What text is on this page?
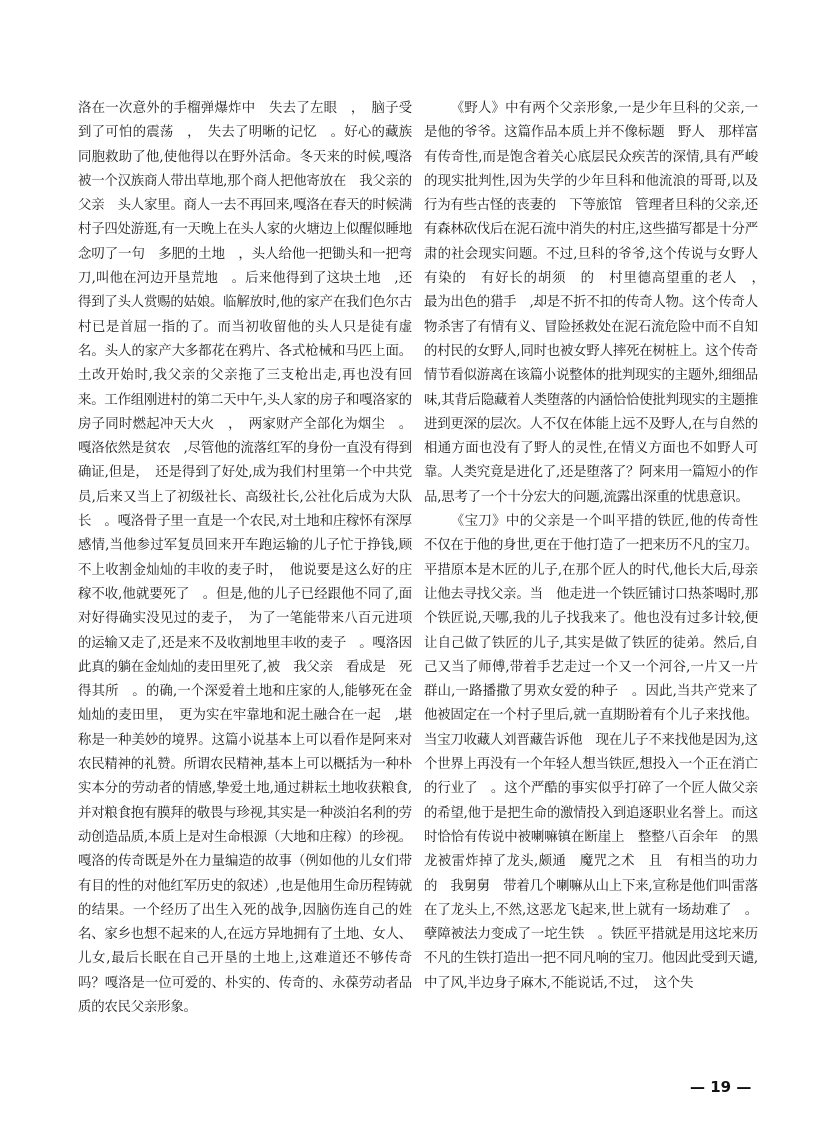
洛在一次意外的手榴弹爆炸中　失去了左眼　，　脑子受到了可怕的震荡　，　失去了明晰的记忆　。好心的藏族同胞救助了他,使他得以在野外活命。冬天来的时候,嘎洛被一个汉族商人带出草地,那个商人把他寄放在　我父亲的父亲　头人家里。商人一去不再回来,嘎洛在春天的时候满村子四处游逛,有一天晚上在头人家的火塘边上似醒似睡地念叨了一句　多肥的土地　，头人给他一把锄头和一把弯刀,叫他在河边开垦荒地　。后来他得到了这块土地　,还得到了头人赏赐的姑娘。临解放时,他的家产在我们色尔古村已是首屈一指的了。而当初收留他的头人只是徒有虚名。头人的家产大多都花在鸦片、各式枪械和马匹上面。土改开始时,我父亲的父亲拖了三支枪出走,再也没有回来。工作组刚进村的第二天中午,头人家的房子和嘎洛家的房子同时燃起冲天大火　，　两家财产全部化为烟尘　。嘎洛依然是贫农　,尽管他的流落红军的身份一直没有得到确证,但是，　还是得到了好处,成为我们村里第一个中共党员,后来又当上了初级社长、高级社长,公社化后成为大队长　。嘎洛骨子里一直是一个农民,对土地和庄稼怀有深厚感情,当他参过军复员回来开车跑运输的儿子忙于挣钱,顾不上收割金灿灿的丰收的麦子时，　他说要是这么好的庄稼不收,他就要死了　。但是,他的儿子已经跟他不同了,面对好得确实没见过的麦子，　为了一笔能带来八百元进项的运输又走了,还是来不及收割地里丰收的麦子　。嘎洛因此真的躺在金灿灿的麦田里死了,被　我父亲　看成是　死得其所　。的确,一个深爱着土地和庄家的人,能够死在金灿灿的麦田里，　更为实在牢靠地和泥土融合在一起　,堪称是一种美妙的境界。这篇小说基本上可以看作是阿来对农民精神的礼赞。所谓农民精神,基本上可以概括为一种朴实本分的劳动者的情感,挚爱土地,通过耕耘土地收获粮食,并对粮食抱有膜拜的敬畏与珍视,其实是一种淡泊名利的劳动创造品质,本质上是对生命根源（大地和庄稼）的珍视。嘎洛的传奇既是外在力量编造的故事（例如他的儿女们带有目的性的对他红军历史的叙述）,也是他用生命历程铸就的结果。一个经历了出生入死的战争,因脑伤连自己的姓名、家乡也想不起来的人,在远方异地拥有了土地、女人、儿女,最后长眠在自己开垦的土地上,这难道还不够传奇吗？嘎洛是一位可爱的、朴实的、传奇的、永葆劳动者品质的农民父亲形象。

《野人》中有两个父亲形象,一是少年旦科的父亲,一是他的爷爷。这篇作品本质上并不像标题　野人　那样富有传奇性,而是饱含着关心底层民众疾苦的深情,具有严峻的现实批判性,因为失学的少年旦科和他流浪的哥哥,以及行为有些古怪的丧妻的　下等旅馆　管理者旦科的父亲,还有森林砍伐后在泥石流中消失的村庄,这些描写都是十分严肃的社会现实问题。不过,旦科的爷爷,这个传说与女野人有染的　有好长的胡须　的　村里德高望重的老人　，　最为出色的猎手　,却是不折不扣的传奇人物。这个传奇人物杀害了有情有义、冒险拯救处在泥石流危险中而不自知的村民的女野人,同时也被女野人摔死在树桩上。这个传奇情节看似游离在该篇小说整体的批判现实的主题外,细细品味,其背后隐藏着人类堕落的内涵恰恰使批判现实的主题推进到更深的层次。人不仅在体能上远不及野人,在与自然的相通方面也没有了野人的灵性,在情义方面也不如野人可靠。人类究竟是进化了,还是堕落了？阿来用一篇短小的作品,思考了一个十分宏大的问题,流露出深重的忧患意识。

《宝刀》中的父亲是一个叫平措的铁匠,他的传奇性不仅在于他的身世,更在于他打造了一把来历不凡的宝刀。平措原本是木匠的儿子,在那个匠人的时代,他长大后,母亲让他去寻找父亲。当　他走进一个铁匠铺讨口热茶喝时,那个铁匠说,天哪,我的儿子找我来了。他也没有过多计较,便让自己做了铁匠的儿子,其实是做了铁匠的徒弟。然后,自己又当了师傅,带着手艺走过一个又一个河谷,一片又一片群山,一路播撒了男欢女爱的种子　。因此,当共产党来了他被固定在一个村子里后,就一直期盼着有个儿子来找他。当宝刀收藏人刘晋藏告诉他　现在儿子不来找他是因为,这个世界上再没有一个年轻人想当铁匠,想投入一个正在消亡的行业了　。这个严酷的事实似乎打碎了一个匠人做父亲的希望,他于是把生命的激情投入到追逐职业名誉上。而这时恰恰有传说中被喇嘛镇在断崖上　整整八百余年　的黑龙被雷炸掉了龙头,颇通　魔咒之术　且　有相当的功力　的　我舅舅　带着几个喇嘛从山上下来,宣称是他们叫雷落在了龙头上,不然,这恶龙飞起来,世上就有一场劫难了　。孽障被法力变成了一坨生铁　。铁匠平措就是用这坨来历不凡的生铁打造出一把不同凡响的宝刀。他因此受到天谴,中了风,半边身子麻木,不能说话,不过，　这个失

— 19 —
